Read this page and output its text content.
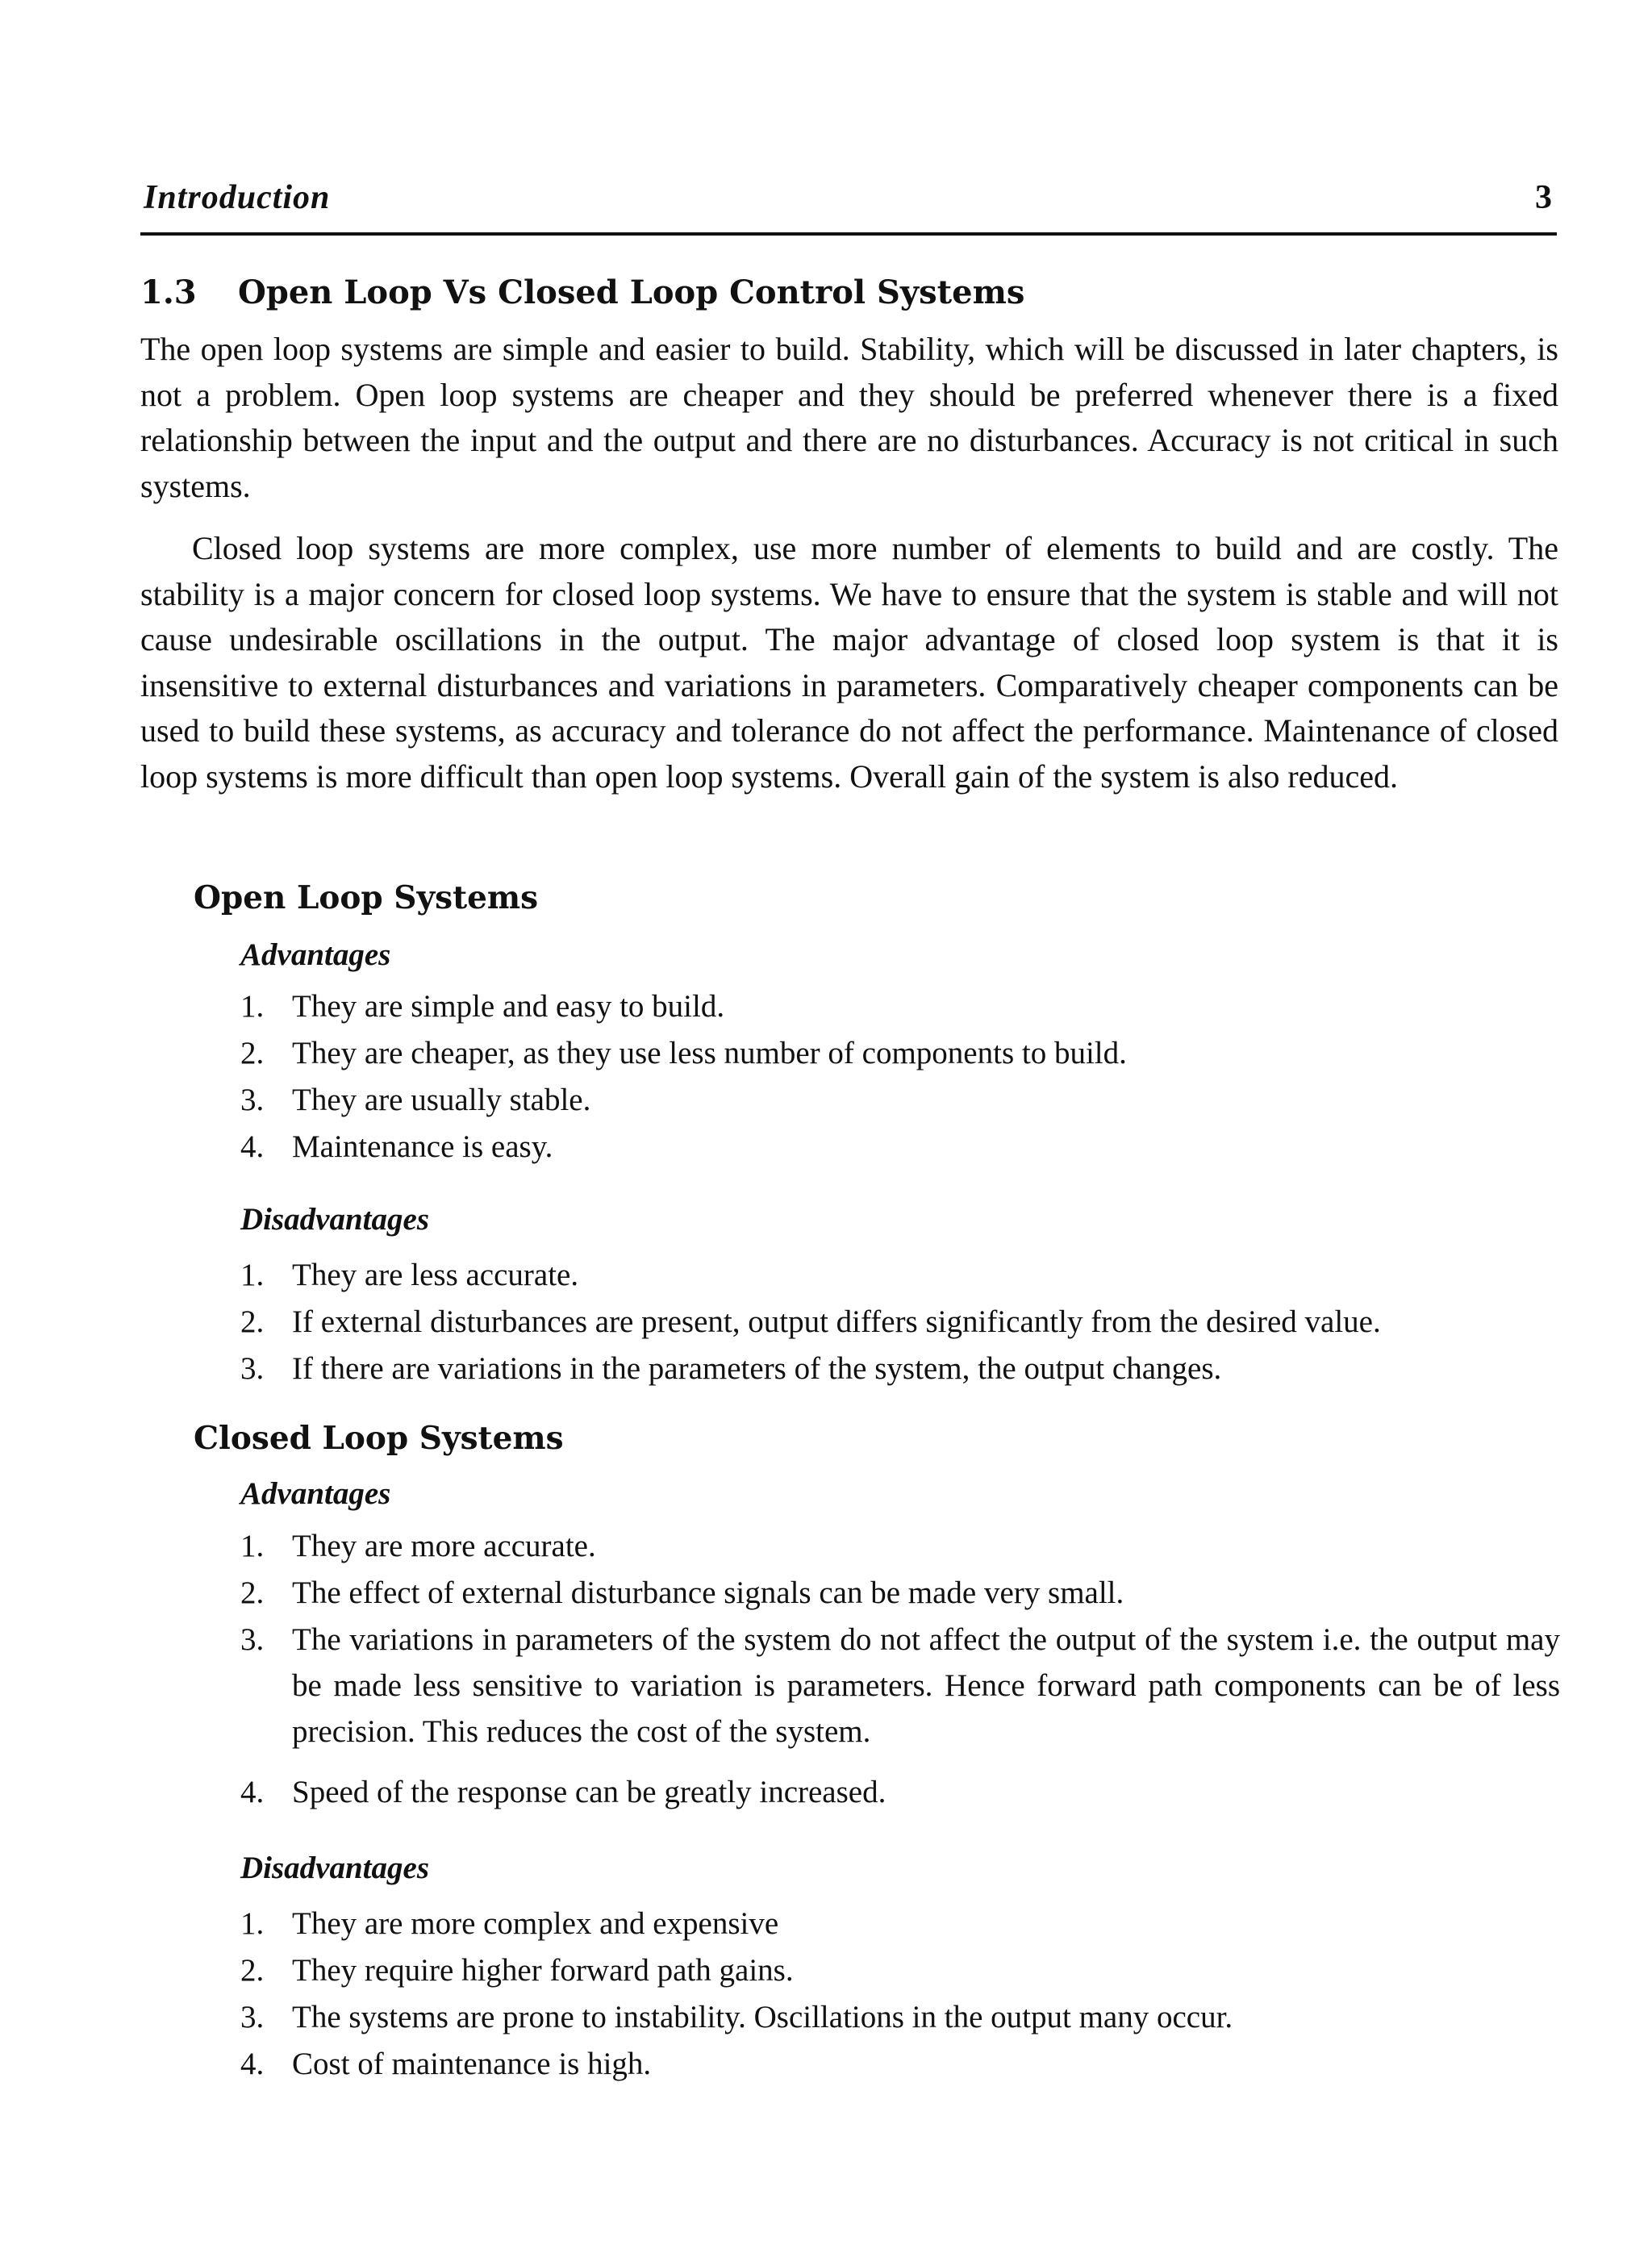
Introduction	3
1.3 Open Loop Vs Closed Loop Control Systems

The open loop systems are simple and easier to build. Stability, which will be discussed in later chapters, is not a problem. Open loop systems are cheaper and they should be preferred whenever there is a fixed relationship between the input and the output and there are no disturbances. Accuracy is not critical in such systems.

Closed loop systems are more complex, use more number of elements to build and are costly. The stability is a major concern for closed loop systems. We have to ensure that the system is stable and will not cause undesirable oscillations in the output. The major advantage of closed loop system is that it is insensitive to external disturbances and variations in parameters. Comparatively cheaper components can be used to build these systems, as accuracy and tolerance do not affect the performance. Maintenance of closed loop systems is more difficult than open loop systems. Overall gain of the system is also reduced.

Open Loop Systems
Advantages
1. They are simple and easy to build.
2. They are cheaper, as they use less number of components to build.
3. They are usually stable.
4. Maintenance is easy.
Disadvantages
1. They are less accurate.
2. If external disturbances are present, output differs significantly from the desired value.
3. If there are variations in the parameters of the system, the output changes.
Closed Loop Systems
Advantages
1. They are more accurate.
2. The effect of external disturbance signals can be made very small.
3. The variations in parameters of the system do not affect the output of the system i.e. the output may be made less sensitive to variation is parameters. Hence forward path components can be of less precision. This reduces the cost of the system.
4. Speed of the response can be greatly increased.
Disadvantages
1. They are more complex and expensive
2. They require higher forward path gains.
3. The systems are prone to instability. Oscillations in the output many occur.
4. Cost of maintenance is high.
